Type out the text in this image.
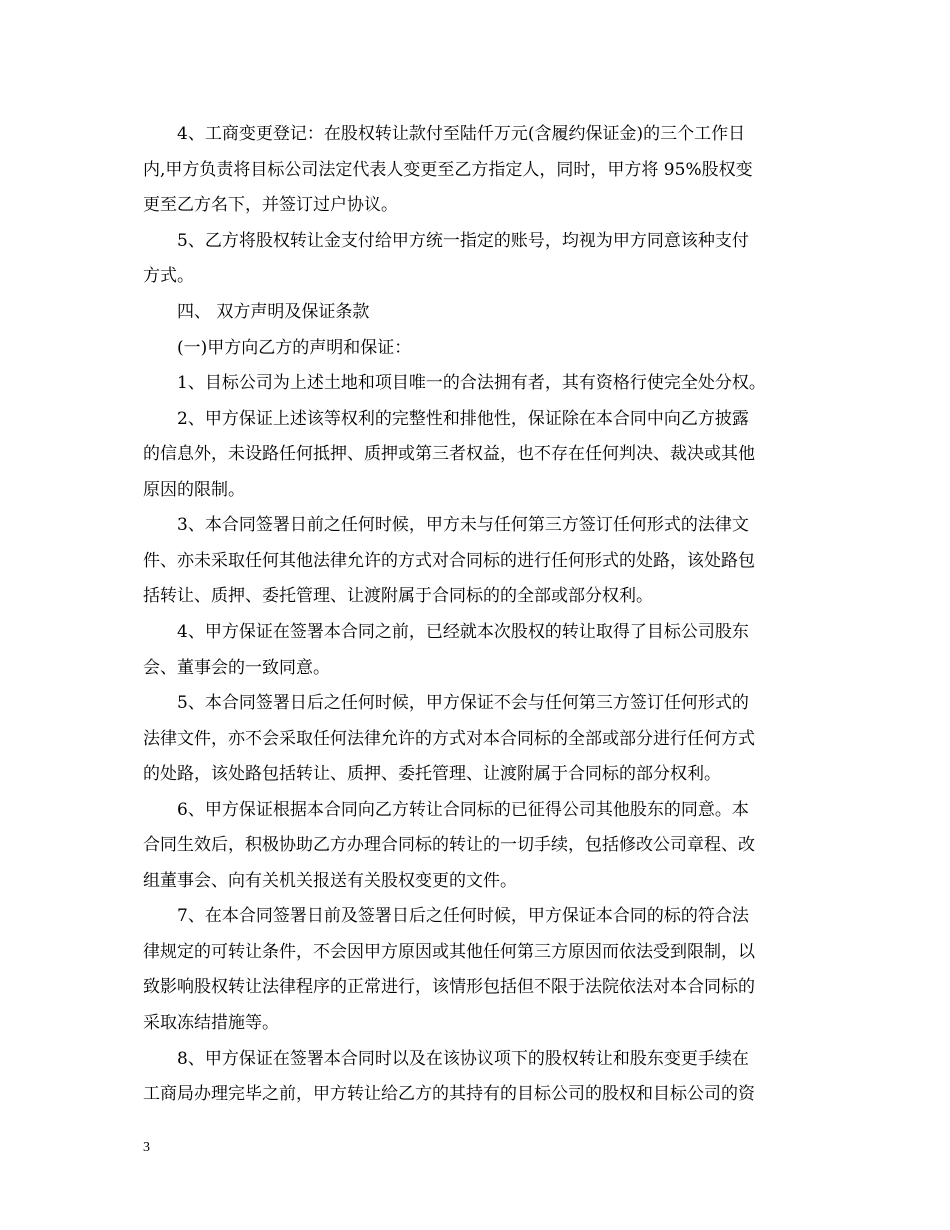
4、工商变更登记：在股权转让款付至陆仟万元(含履约保证金)的三个工作日
内,甲方负责将目标公司法定代表人变更至乙方指定人，同时，甲方将 95%股权变
更至乙方名下，并签订过户协议。
5、乙方将股权转让金支付给甲方统一指定的账号，均视为甲方同意该种支付
方式。
四、 双方声明及保证条款
(一)甲方向乙方的声明和保证：
1、目标公司为上述土地和项目唯一的合法拥有者，其有资格行使完全处分权。
2、甲方保证上述该等权利的完整性和排他性，保证除在本合同中向乙方披露
的信息外，未设路任何抵押、质押或第三者权益，也不存在任何判决、裁决或其他
原因的限制。
3、本合同签署日前之任何时候，甲方未与任何第三方签订任何形式的法律文
件、亦未采取任何其他法律允许的方式对合同标的进行任何形式的处路，该处路包
括转让、质押、委托管理、让渡附属于合同标的的全部或部分权利。
4、甲方保证在签署本合同之前，已经就本次股权的转让取得了目标公司股东
会、董事会的一致同意。
5、本合同签署日后之任何时候，甲方保证不会与任何第三方签订任何形式的
法律文件，亦不会采取任何法律允许的方式对本合同标的全部或部分进行任何方式
的处路，该处路包括转让、质押、委托管理、让渡附属于合同标的部分权利。
6、甲方保证根据本合同向乙方转让合同标的已征得公司其他股东的同意。本
合同生效后，积极协助乙方办理合同标的转让的一切手续，包括修改公司章程、改
组董事会、向有关机关报送有关股权变更的文件。
7、在本合同签署日前及签署日后之任何时候，甲方保证本合同的标的符合法
律规定的可转让条件，不会因甲方原因或其他任何第三方原因而依法受到限制，以
致影响股权转让法律程序的正常进行，该情形包括但不限于法院依法对本合同标的
采取冻结措施等。
8、甲方保证在签署本合同时以及在该协议项下的股权转让和股东变更手续在
工商局办理完毕之前，甲方转让给乙方的其持有的目标公司的股权和目标公司的资
3
